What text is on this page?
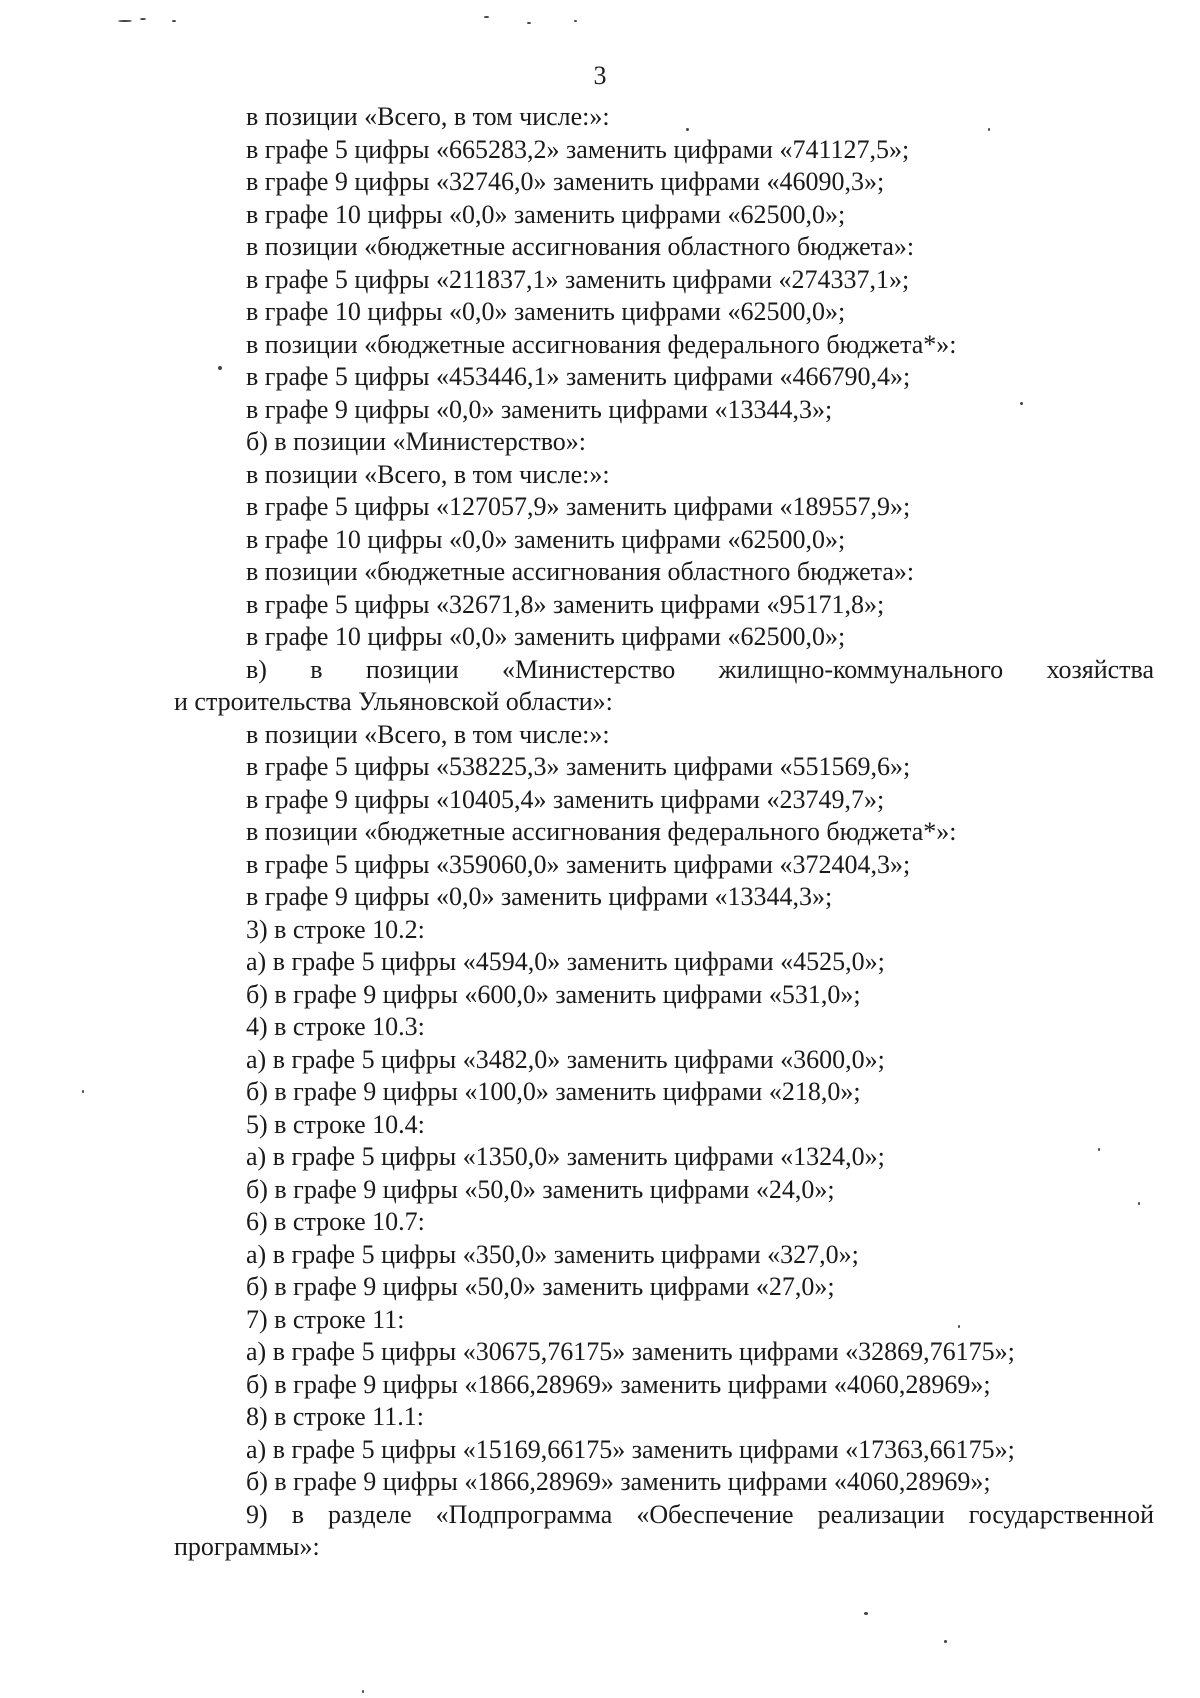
3
в позиции «Всего, в том числе:»:
в графе 5 цифры «665283,2» заменить цифрами «741127,5»;
в графе 9 цифры «32746,0» заменить цифрами «46090,3»;
в графе 10 цифры «0,0» заменить цифрами «62500,0»;
в позиции «бюджетные ассигнования областного бюджета»:
в графе 5 цифры «211837,1» заменить цифрами «274337,1»;
в графе 10 цифры «0,0» заменить цифрами «62500,0»;
в позиции «бюджетные ассигнования федерального бюджета*»:
в графе 5 цифры «453446,1» заменить цифрами «466790,4»;
в графе 9 цифры «0,0» заменить цифрами «13344,3»;
б) в позиции «Министерство»:
в позиции «Всего, в том числе:»:
в графе 5 цифры «127057,9» заменить цифрами «189557,9»;
в графе 10 цифры «0,0» заменить цифрами «62500,0»;
в позиции «бюджетные ассигнования областного бюджета»:
в графе 5 цифры «32671,8» заменить цифрами «95171,8»;
в графе 10 цифры «0,0» заменить цифрами «62500,0»;
в) в позиции «Министерство жилищно-коммунального хозяйства
и строительства Ульяновской области»:
в позиции «Всего, в том числе:»:
в графе 5 цифры «538225,3» заменить цифрами «551569,6»;
в графе 9 цифры «10405,4» заменить цифрами «23749,7»;
в позиции «бюджетные ассигнования федерального бюджета*»:
в графе 5 цифры «359060,0» заменить цифрами «372404,3»;
в графе 9 цифры «0,0» заменить цифрами «13344,3»;
3) в строке 10.2:
а) в графе 5 цифры «4594,0» заменить цифрами «4525,0»;
б) в графе 9 цифры «600,0» заменить цифрами «531,0»;
4) в строке 10.3:
а) в графе 5 цифры «3482,0» заменить цифрами «3600,0»;
б) в графе 9 цифры «100,0» заменить цифрами «218,0»;
5) в строке 10.4:
а) в графе 5 цифры «1350,0» заменить цифрами «1324,0»;
б) в графе 9 цифры «50,0» заменить цифрами «24,0»;
6) в строке 10.7:
а) в графе 5 цифры «350,0» заменить цифрами «327,0»;
б) в графе 9 цифры «50,0» заменить цифрами «27,0»;
7) в строке 11:
а) в графе 5 цифры «30675,76175» заменить цифрами «32869,76175»;
б) в графе 9 цифры «1866,28969» заменить цифрами «4060,28969»;
8) в строке 11.1:
а) в графе 5 цифры «15169,66175» заменить цифрами «17363,66175»;
б) в графе 9 цифры «1866,28969» заменить цифрами «4060,28969»;
9) в разделе «Подпрограмма «Обеспечение реализации государственной
программы»:
